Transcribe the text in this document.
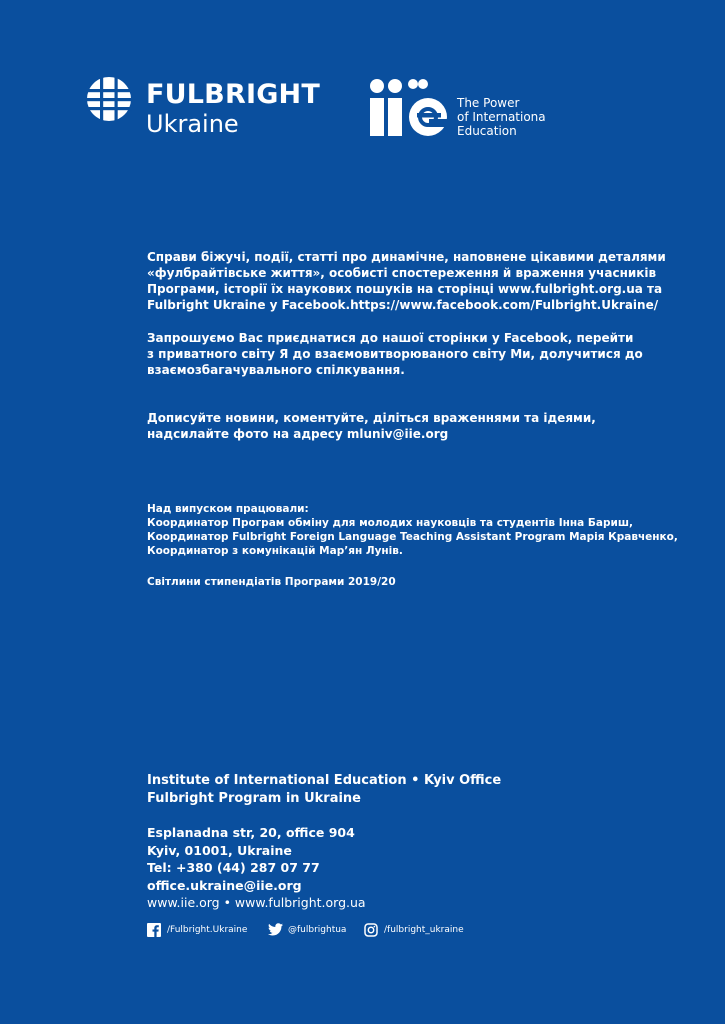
FULBRIGHT
Ukraine
The Power
of Internationa
Education

Справи біжучі, події, статті про динамічне, наповнене цікавими деталями

«фулбрайтівське життя», особисті спостереження й враження учасників

Програми, історії їх наукових пошуків на сторінці www.fulbright.org.ua та

Fulbright Ukraine у Facebook.https://www.facebook.com/Fulbright.Ukraine/

Запрошуємо Вас приєднатися до нашої сторінки у Facebook, перейти

з приватного світу Я до взаємовитворюваного світу Ми, долучитися до

взаємозбагачувального спілкування.

Дописуйте новини, коментуйте, діліться враженнями та ідеями,

надсилайте фото на адресу mluniv@iie.org

Над випуском працювали:
Координатор Програм обміну для молодих науковців та студентів Інна Бариш,
Координатор Fulbright Foreign Language Teaching Assistant Program Марія Кравченко,
Координатор з комунікацій Мар’ян Лунів.
Світлини стипендіатів Програми 2019/20
Institute of International Education • Kyiv Office
Fulbright Program in Ukraine
Esplanadna str, 20, office 904
Kyiv, 01001, Ukraine
Tel: +380 (44) 287 07 77
office.ukraine@iie.org
www.iie.org • www.fulbright.org.ua
/Fulbright.Ukraine	@fulbrightua	/fulbright_ukraine
